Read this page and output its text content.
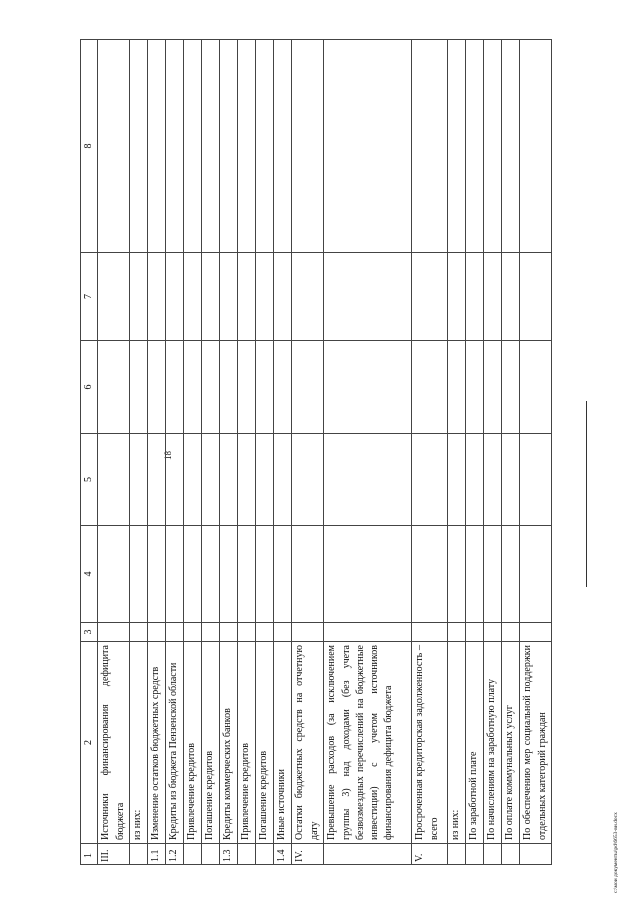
18
c:\мои документы\pd\6653-вн.docx
1	2	3	4	5	6	7	8
III.	Источники финансирования дефицита бюджета						
	из них:						
1.1	Изменение остатков бюджетных средств						
1.2	Кредиты из бюджета Пензенской области						
	Привлечение кредитов						
	Погашение кредитов						
1.3	Кредиты коммерческих банков						
	Привлечение кредитов						
	Погашение кредитов						
1.4	Иные источники						
IV.	Остатки бюджетных средств на отчетную дату						
	Превышение расходов (за исключением группы 3) над доходами (без учета безвозмездных перечислений на бюджетные инвестиции) с учетом источников финансирования дефицита бюджета						
V.	Просроченная кредиторская задолженность – всего						
	из них:						
	По заработной плате						
	По начислениям на заработную плату						
	По оплате коммунальных услуг						
	По обеспечению мер социальной поддержки отдельных категорий граждан						
